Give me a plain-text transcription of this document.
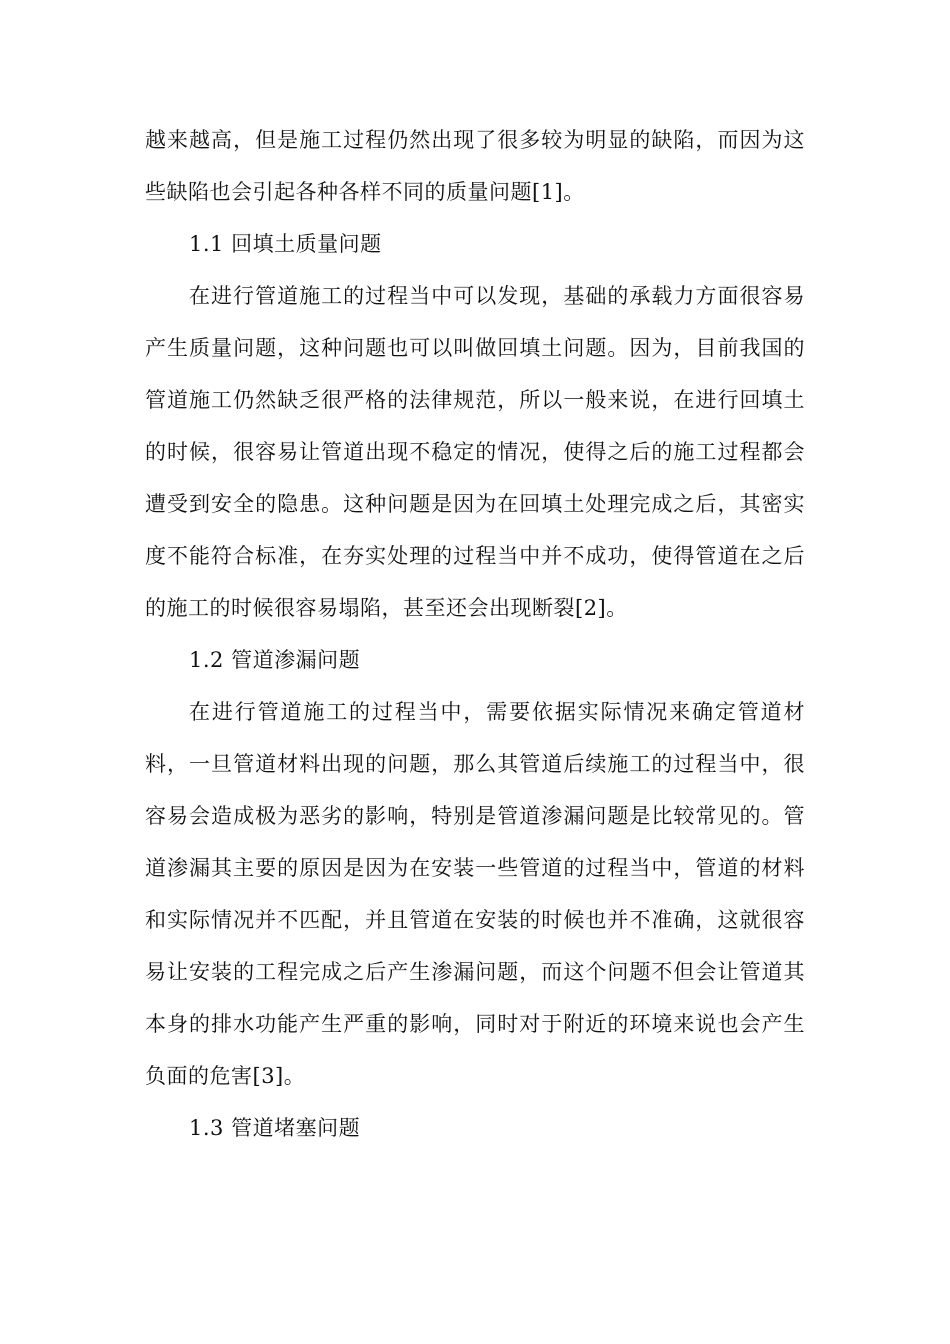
越来越高，但是施工过程仍然出现了很多较为明显的缺陷，而因为这些缺陷也会引起各种各样不同的质量问题[1]。

1.1 回填土质量问题

在进行管道施工的过程当中可以发现，基础的承载力方面很容易产生质量问题，这种问题也可以叫做回填土问题。因为，目前我国的管道施工仍然缺乏很严格的法律规范，所以一般来说，在进行回填土的时候，很容易让管道出现不稳定的情况，使得之后的施工过程都会遭受到安全的隐患。这种问题是因为在回填土处理完成之后，其密实度不能符合标准，在夯实处理的过程当中并不成功，使得管道在之后的施工的时候很容易塌陷，甚至还会出现断裂[2]。

1.2 管道渗漏问题

在进行管道施工的过程当中，需要依据实际情况来确定管道材料，一旦管道材料出现的问题，那么其管道后续施工的过程当中，很容易会造成极为恶劣的影响，特别是管道渗漏问题是比较常见的。管道渗漏其主要的原因是因为在安装一些管道的过程当中，管道的材料和实际情况并不匹配，并且管道在安装的时候也并不准确，这就很容易让安装的工程完成之后产生渗漏问题，而这个问题不但会让管道其本身的排水功能产生严重的影响，同时对于附近的环境来说也会产生负面的危害[3]。

1.3 管道堵塞问题
